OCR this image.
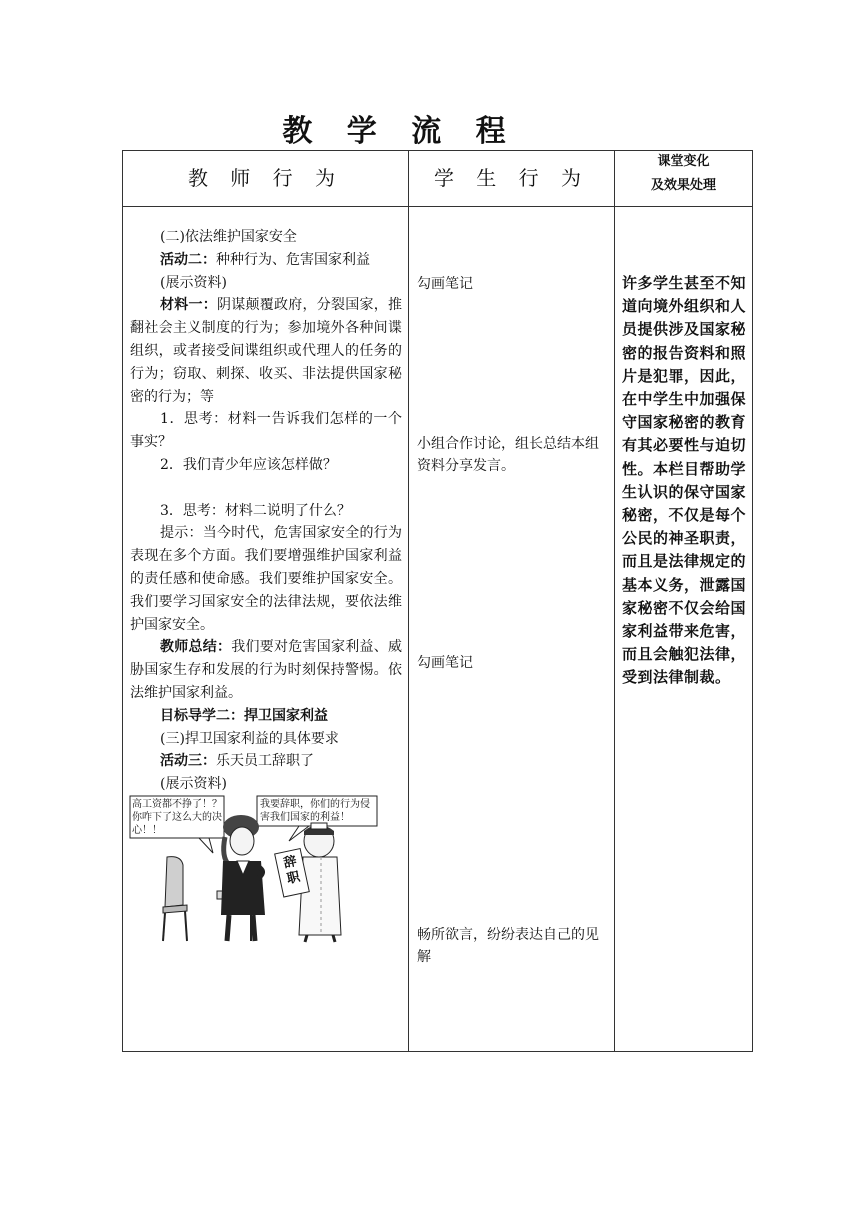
教 学 流 程
教 师 行 为	学 生 行 为
课堂变化
及效果处理

(二)依法维护国家安全

活动二：种种行为、危害国家利益

(展示资料)

材料一：阴谋颠覆政府，分裂国家，推翻社会主义制度的行为；参加境外各种间谍组织，或者接受间谍组织或代理人的任务的行为；窃取、刺探、收买、非法提供国家秘密的行为；等

1．思考：材料一告诉我们怎样的一个事实？

2．我们青少年应该怎样做？

3．思考：材料二说明了什么？

提示：当今时代，危害国家安全的行为表现在多个方面。我们要增强维护国家利益的责任感和使命感。我们要维护国家安全。我们要学习国家安全的法律法规，要依法维护国家安全。

教师总结：我们要对危害国家利益、威胁国家生存和发展的行为时刻保持警惕。依法维护国家利益。

目标导学二：捍卫国家利益

(三)捍卫国家利益的具体要求

活动三：乐天员工辞职了

(展示资料)

高工资都不挣了！？你咋下了这么大的决心！！
我要辞职，你们的行为侵害我们国家的利益！
辞职
勾画笔记
小组合作讨论，组长总结本组资料分享发言。
勾画笔记
畅所欲言，纷纷表达自己的见解
许多学生甚至不知道向境外组织和人员提供涉及国家秘密的报告资料和照片是犯罪，因此，在中学生中加强保守国家秘密的教育有其必要性与迫切性。本栏目帮助学生认识的保守国家秘密，不仅是每个公民的神圣职责，而且是法律规定的基本义务，泄露国家秘密不仅会给国家利益带来危害，而且会触犯法律，受到法律制裁。
